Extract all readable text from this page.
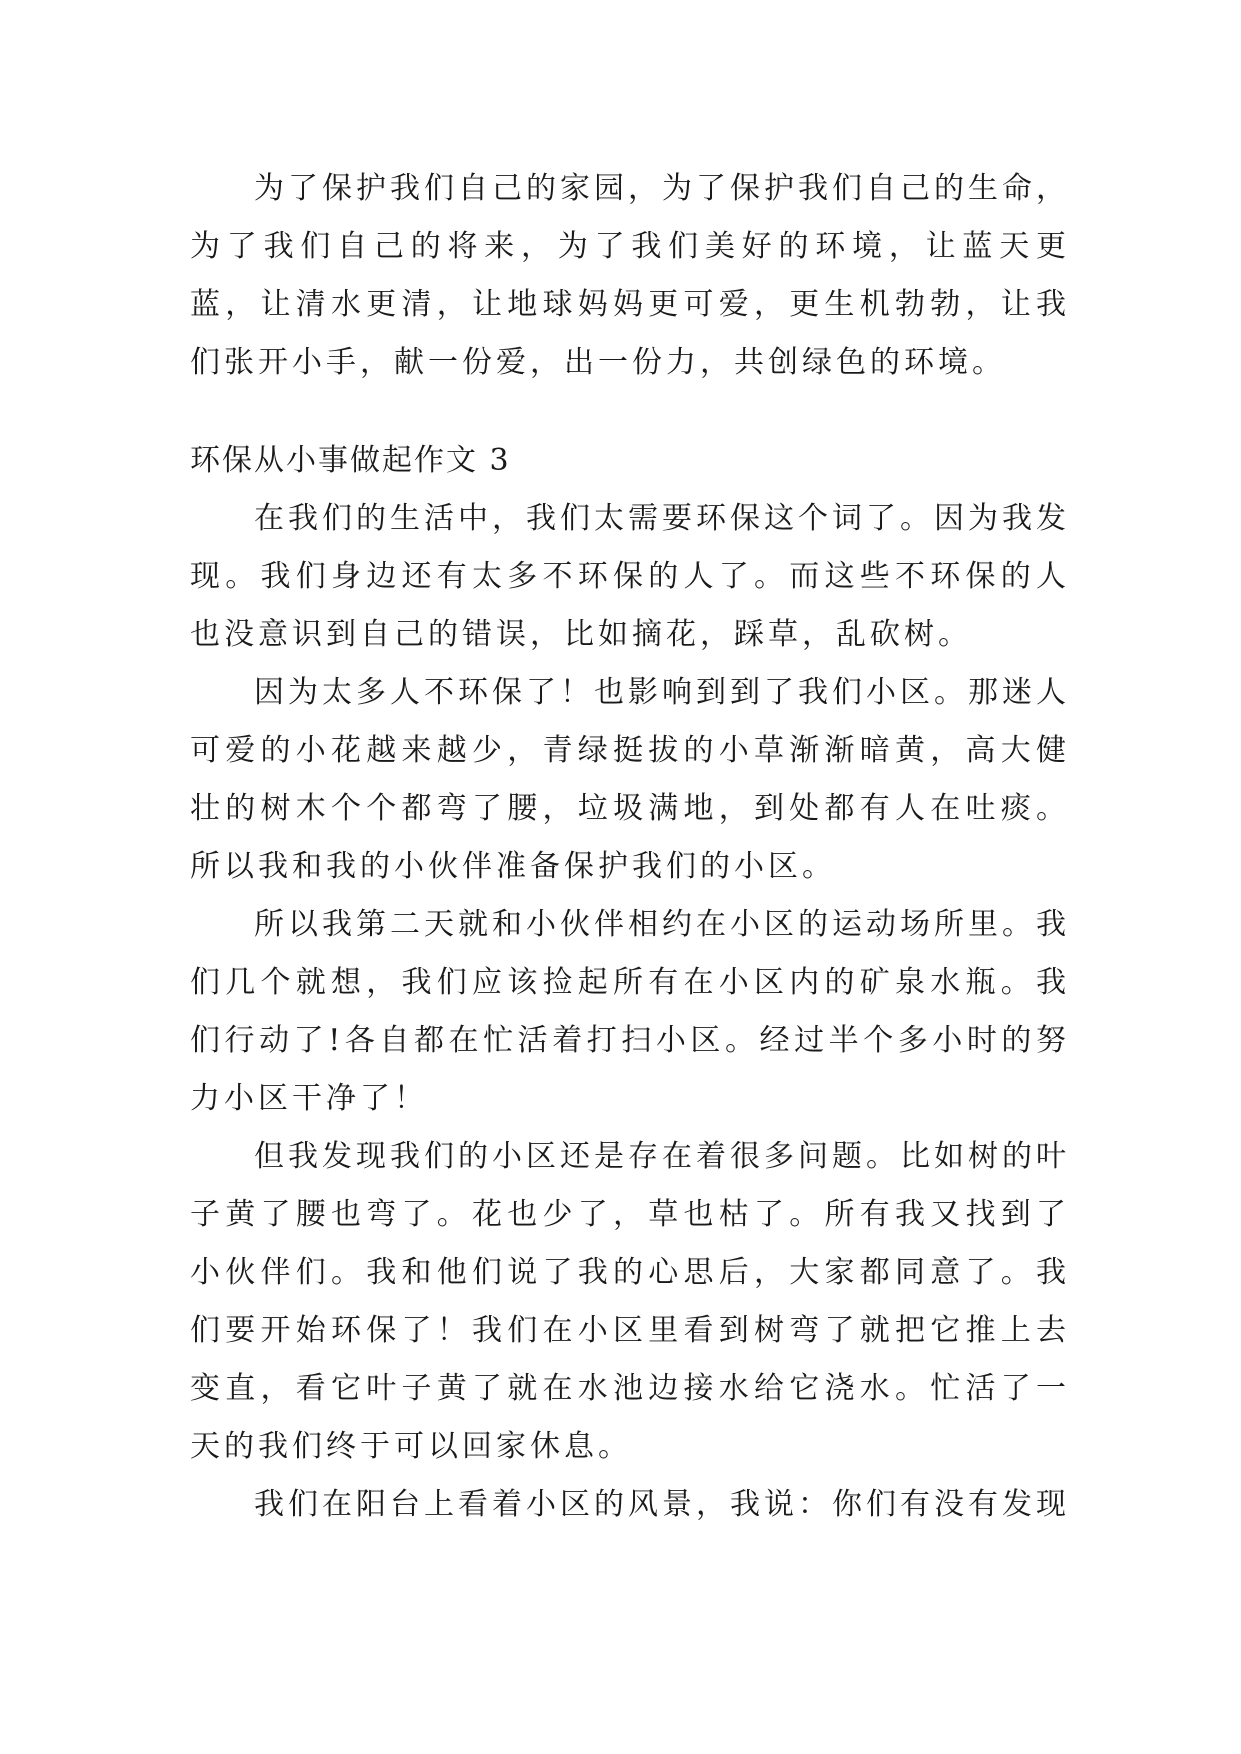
为了保护我们自己的家园，为了保护我们自己的生命，为了我们自己的将来，为了我们美好的环境，让蓝天更蓝，让清水更清，让地球妈妈更可爱，更生机勃勃，让我们张开小手，献一份爱，出一份力，共创绿色的环境。

环保从小事做起作文 3

在我们的生活中，我们太需要环保这个词了。因为我发现。我们身边还有太多不环保的人了。而这些不环保的人也没意识到自己的错误，比如摘花，踩草，乱砍树。

因为太多人不环保了！也影响到到了我们小区。那迷人可爱的小花越来越少，青绿挺拔的小草渐渐暗黄，高大健壮的树木个个都弯了腰，垃圾满地，到处都有人在吐痰。所以我和我的小伙伴准备保护我们的小区。

所以我第二天就和小伙伴相约在小区的运动场所里。我们几个就想，我们应该捡起所有在小区内的矿泉水瓶。我们行动了!各自都在忙活着打扫小区。经过半个多小时的努力小区干净了！

但我发现我们的小区还是存在着很多问题。比如树的叶子黄了腰也弯了。花也少了，草也枯了。所有我又找到了小伙伴们。我和他们说了我的心思后，大家都同意了。我们要开始环保了！我们在小区里看到树弯了就把它推上去变直，看它叶子黄了就在水池边接水给它浇水。忙活了一天的我们终于可以回家休息。

我们在阳台上看着小区的风景，我说：你们有没有发现
